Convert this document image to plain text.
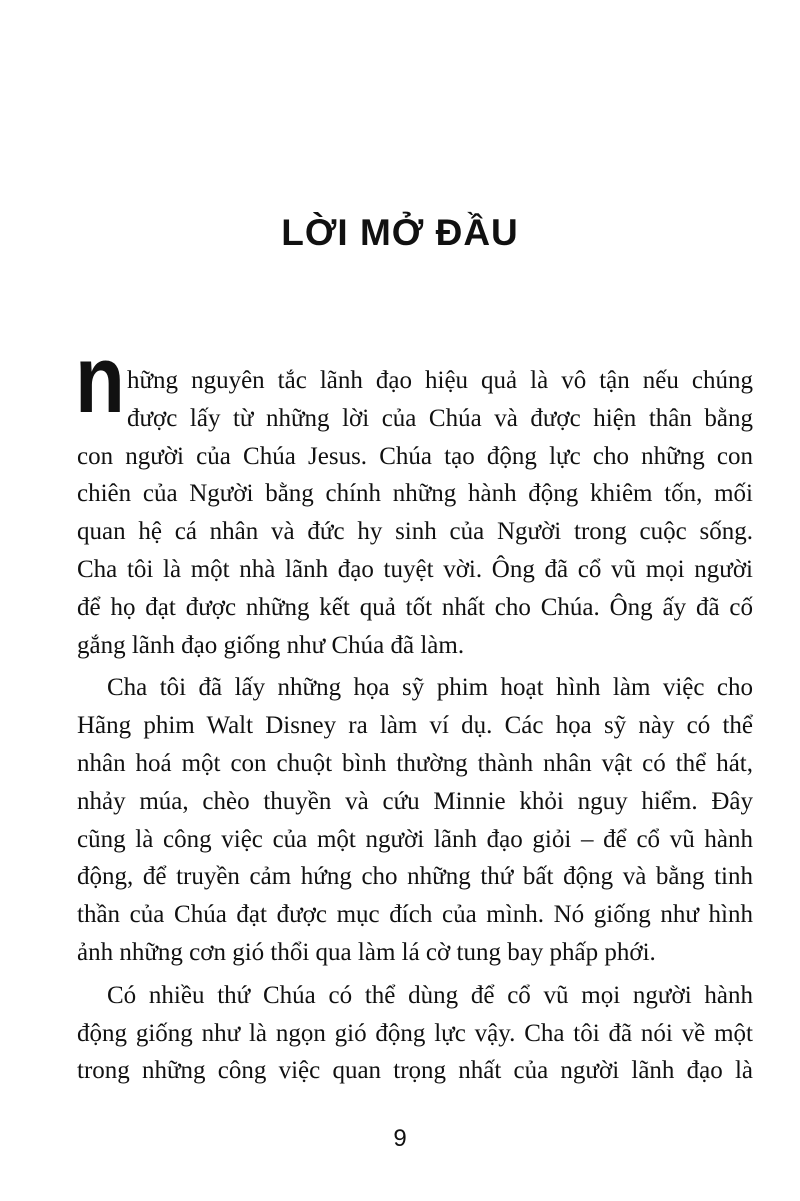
LỜI MỞ ĐẦU
n hững nguyên tắc lãnh đạo hiệu quả là vô tận nếu chúng
được lấy từ những lời của Chúa và được hiện thân bằng
con người của Chúa Jesus. Chúa tạo động lực cho những con
chiên của Người bằng chính những hành động khiêm tốn, mối
quan hệ cá nhân và đức hy sinh của Người trong cuộc sống.
Cha tôi là một nhà lãnh đạo tuyệt vời. Ông đã cổ vũ mọi người
để họ đạt được những kết quả tốt nhất cho Chúa. Ông ấy đã cố
gắng lãnh đạo giống như Chúa đã làm.
Cha tôi đã lấy những họa sỹ phim hoạt hình làm việc cho
Hãng phim Walt Disney ra làm ví dụ. Các họa sỹ này có thể
nhân hoá một con chuột bình thường thành nhân vật có thể hát,
nhảy múa, chèo thuyền và cứu Minnie khỏi nguy hiểm. Đây
cũng là công việc của một người lãnh đạo giỏi – để cổ vũ hành
động, để truyền cảm hứng cho những thứ bất động và bằng tinh
thần của Chúa đạt được mục đích của mình. Nó giống như hình
ảnh những cơn gió thổi qua làm lá cờ tung bay phấp phới.
Có nhiều thứ Chúa có thể dùng để cổ vũ mọi người hành
động giống như là ngọn gió động lực vậy. Cha tôi đã nói về một
trong những công việc quan trọng nhất của người lãnh đạo là
9
